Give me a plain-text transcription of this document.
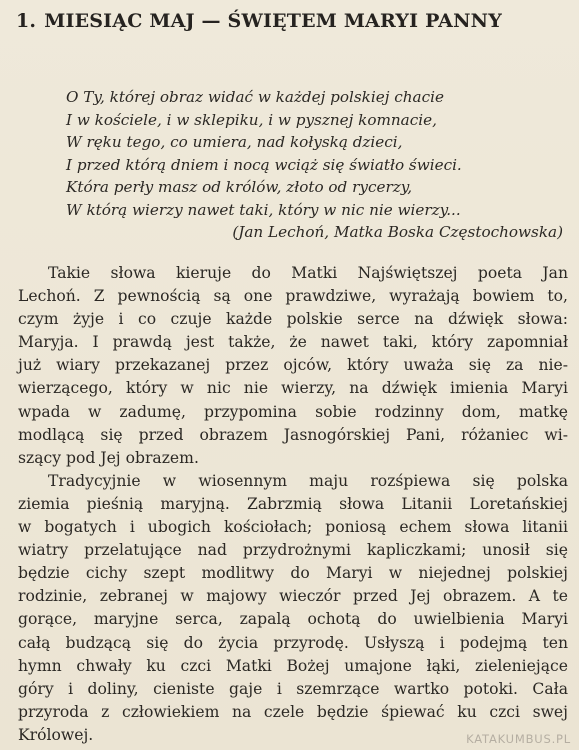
1. MIESIĄC MAJ — ŚWIĘTEM MARYI PANNY
O Ty, której obraz widać w każdej polskiej chacie
I w kościele, i w sklepiku, i w pysznej komnacie,
W ręku tego, co umiera, nad kołyską dzieci,
I przed którą dniem i nocą wciąż się światło świeci.
Która perły masz od królów, złoto od rycerzy,
W którą wierzy nawet taki, który w nic nie wierzy...
(Jan Lechoń, Matka Boska Częstochowska)
Takie słowa kieruje do Matki Najświętszej poeta Jan
Lechoń. Z pewnością są one prawdziwe, wyrażają bowiem to,
czym żyje i co czuje każde polskie serce na dźwięk słowa:
Maryja. I prawdą jest także, że nawet taki, który zapomniał
już wiary przekazanej przez ojców, który uważa się za nie-
wierzącego, który w nic nie wierzy, na dźwięk imienia Maryi
wpada w zadumę, przypomina sobie rodzinny dom, matkę
modlącą się przed obrazem Jasnogórskiej Pani, różaniec wi-
szący pod Jej obrazem.
Tradycyjnie w wiosennym maju rozśpiewa się polska
ziemia pieśnią maryjną. Zabrzmią słowa Litanii Loretańskiej
w bogatych i ubogich kościołach; poniosą echem słowa litanii
wiatry przelatujące nad przydrożnymi kapliczkami; unosił się
będzie cichy szept modlitwy do Maryi w niejednej polskiej
rodzinie, zebranej w majowy wieczór przed Jej obrazem. A te
gorące, maryjne serca, zapalą ochotą do uwielbienia Maryi
całą budzącą się do życia przyrodę. Usłyszą i podejmą ten
hymn chwały ku czci Matki Bożej umajone łąki, zieleniejące
góry i doliny, cieniste gaje i szemrzące wartko potoki. Cała
przyroda z człowiekiem na czele będzie śpiewać ku czci swej
Królowej.	KATAKUMBUS.PL
